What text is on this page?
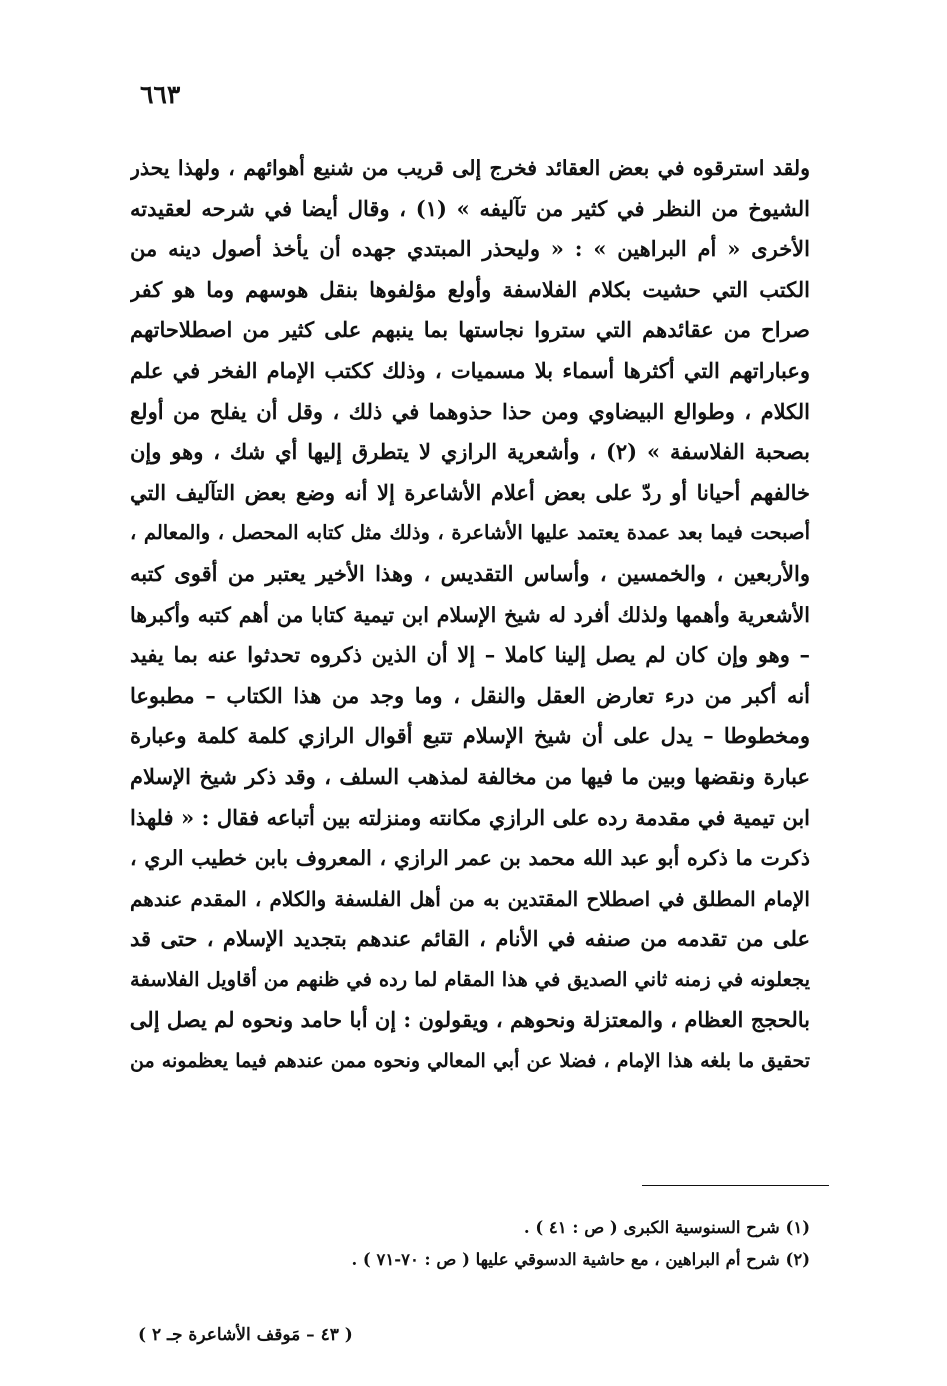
٦٦٣
ولقد استرقوه في بعض العقائد فخرج إلى قريب من شنيع أهوائهم ، ولهذا يحذر
الشيوخ من النظر في كثير من تآليفه » (١) ، وقال أيضا في شرحه لعقيدته
الأخرى « أم البراهين » : « وليحذر المبتدي جهده أن يأخذ أصول دينه من
الكتب التي حشيت بكلام الفلاسفة وأولع مؤلفوها بنقل هوسهم وما هو كفر
صراح من عقائدهم التي ستروا نجاستها بما ينبهم على كثير من اصطلاحاتهم
وعباراتهم التي أكثرها أسماء بلا مسميات ، وذلك ككتب الإمام الفخر في علم
الكلام ، وطوالع البيضاوي ومن حذا حذوهما في ذلك ، وقل أن يفلح من أولع
بصحبة الفلاسفة » (٢) ، وأشعرية الرازي لا يتطرق إليها أي شك ، وهو وإن
خالفهم أحيانا أو ردّ على بعض أعلام الأشاعرة إلا أنه وضع بعض التآليف التي
أصبحت فيما بعد عمدة يعتمد عليها الأشاعرة ، وذلك مثل كتابه المحصل ، والمعالم ،
والأربعين ، والخمسين ، وأساس التقديس ، وهذا الأخير يعتبر من أقوى كتبه
الأشعرية وأهمها ولذلك أفرد له شيخ الإسلام ابن تيمية كتابا من أهم كتبه وأكبرها
– وهو وإن كان لم يصل إلينا كاملا – إلا أن الذين ذكروه تحدثوا عنه بما يفيد
أنه أكبر من درء تعارض العقل والنقل ، وما وجد من هذا الكتاب – مطبوعا
ومخطوطا – يدل على أن شيخ الإسلام تتبع أقوال الرازي كلمة كلمة وعبارة
عبارة ونقضها وبين ما فيها من مخالفة لمذهب السلف ، وقد ذكر شيخ الإسلام
ابن تيمية في مقدمة رده على الرازي مكانته ومنزلته بين أتباعه فقال : « فلهذا
ذكرت ما ذكره أبو عبد الله محمد بن عمر الرازي ، المعروف بابن خطيب الري ،
الإمام المطلق في اصطلاح المقتدين به من أهل الفلسفة والكلام ، المقدم عندهم
على من تقدمه من صنفه في الأنام ، القائم عندهم بتجديد الإسلام ، حتى قد
يجعلونه في زمنه ثاني الصديق في هذا المقام لما رده في ظنهم من أقاويل الفلاسفة
بالحجج العظام ، والمعتزلة ونحوهم ، ويقولون : إن أبا حامد ونحوه لم يصل إلى
تحقيق ما بلغه هذا الإمام ، فضلا عن أبي المعالي ونحوه ممن عندهم فيما يعظمونه من
(١) شرح السنوسية الكبرى ( ص : ٤١ ) .
(٢) شرح أم البراهين ، مع حاشية الدسوقي عليها ( ص : ٧٠-٧١ ) .
( ٤٣ – مَوقف الأشاعرة جـ ٢ )
